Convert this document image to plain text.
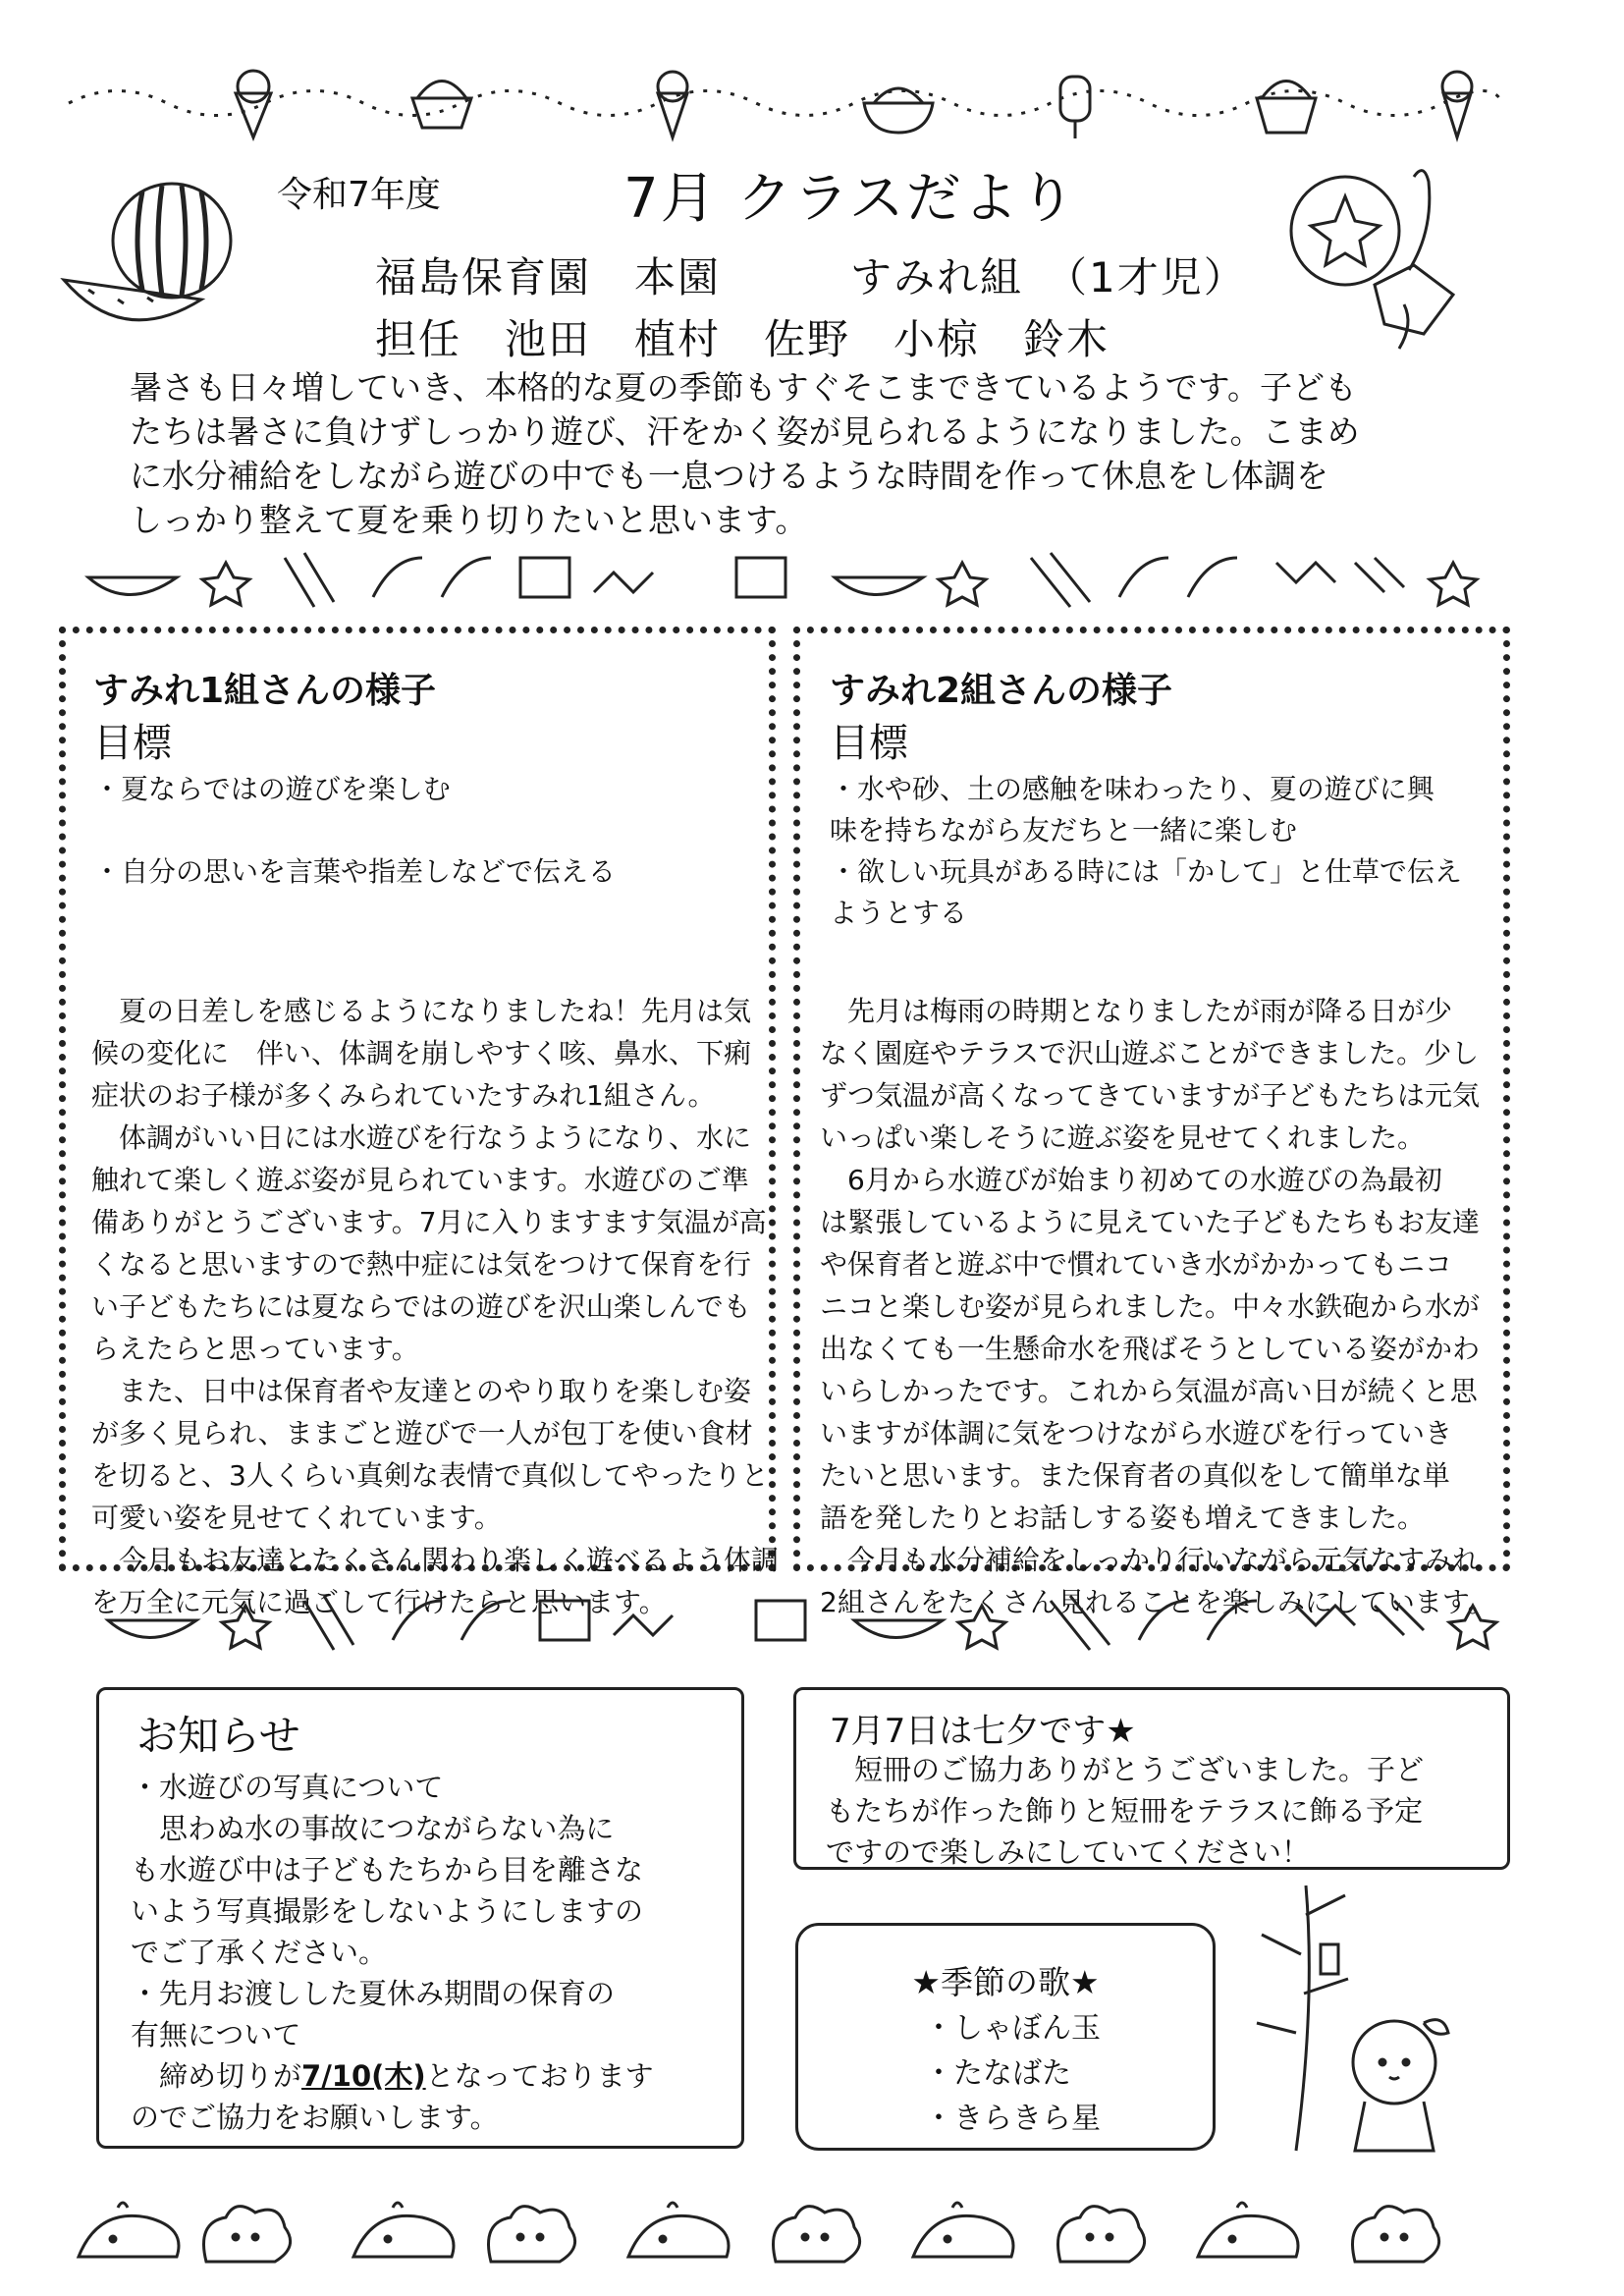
令和7年度	7月 クラスだより
福島保育園　本園　　　すみれ組　（1才児）
担任　池田　植村　佐野　小椋　鈴木
暑さも日々増していき、本格的な夏の季節もすぐそこまできているようです。子ども
たちは暑さに負けずしっかり遊び、汗をかく姿が見られるようになりました。こまめ
に水分補給をしながら遊びの中でも一息つけるような時間を作って休息をし体調を
しっかり整えて夏を乗り切りたいと思います。
すみれ1組さんの様子
目標
・夏ならではの遊びを楽しむ
・自分の思いを言葉や指差しなどで伝える
　夏の日差しを感じるようになりましたね！先月は気
候の変化に　伴い、体調を崩しやすく咳、鼻水、下痢
症状のお子様が多くみられていたすみれ1組さん。
　体調がいい日には水遊びを行なうようになり、水に
触れて楽しく遊ぶ姿が見られています。水遊びのご準
備ありがとうございます。7月に入りますます気温が高
くなると思いますので熱中症には気をつけて保育を行
い子どもたちには夏ならではの遊びを沢山楽しんでも
らえたらと思っています。
　また、日中は保育者や友達とのやり取りを楽しむ姿
が多く見られ、ままごと遊びで一人が包丁を使い食材
を切ると、3人くらい真剣な表情で真似してやったりと
可愛い姿を見せてくれています。
　今月もお友達とたくさん関わり楽しく遊べるよう体調
を万全に元気に過ごして行けたらと思います。
すみれ2組さんの様子
目標
・水や砂、土の感触を味わったり、夏の遊びに興
味を持ちながら友だちと一緒に楽しむ
・欲しい玩具がある時には「かして」と仕草で伝え
ようとする
　先月は梅雨の時期となりましたが雨が降る日が少
なく園庭やテラスで沢山遊ぶことができました。少し
ずつ気温が高くなってきていますが子どもたちは元気
いっぱい楽しそうに遊ぶ姿を見せてくれました。
　6月から水遊びが始まり初めての水遊びの為最初
は緊張しているように見えていた子どもたちもお友達
や保育者と遊ぶ中で慣れていき水がかかってもニコ
ニコと楽しむ姿が見られました。中々水鉄砲から水が
出なくても一生懸命水を飛ばそうとしている姿がかわ
いらしかったです。これから気温が高い日が続くと思
いますが体調に気をつけながら水遊びを行っていき
たいと思います。また保育者の真似をして簡単な単
語を発したりとお話しする姿も増えてきました。
　今月も水分補給をしっかり行いながら元気なすみれ
2組さんをたくさん見れることを楽しみにしています。
お知らせ
・水遊びの写真について
　思わぬ水の事故につながらない為に
も水遊び中は子どもたちから目を離さな
いよう写真撮影をしないようにしますの
でご了承ください。
・先月お渡しした夏休み期間の保育の
有無について
　締め切りが7/10(木)となっております
のでご協力をお願いします。
7月7日は七夕です★
　短冊のご協力ありがとうございました。子ど
もたちが作った飾りと短冊をテラスに飾る予定
ですので楽しみにしていてください！
★季節の歌★
・しゃぼん玉
・たなばた
・きらきら星
